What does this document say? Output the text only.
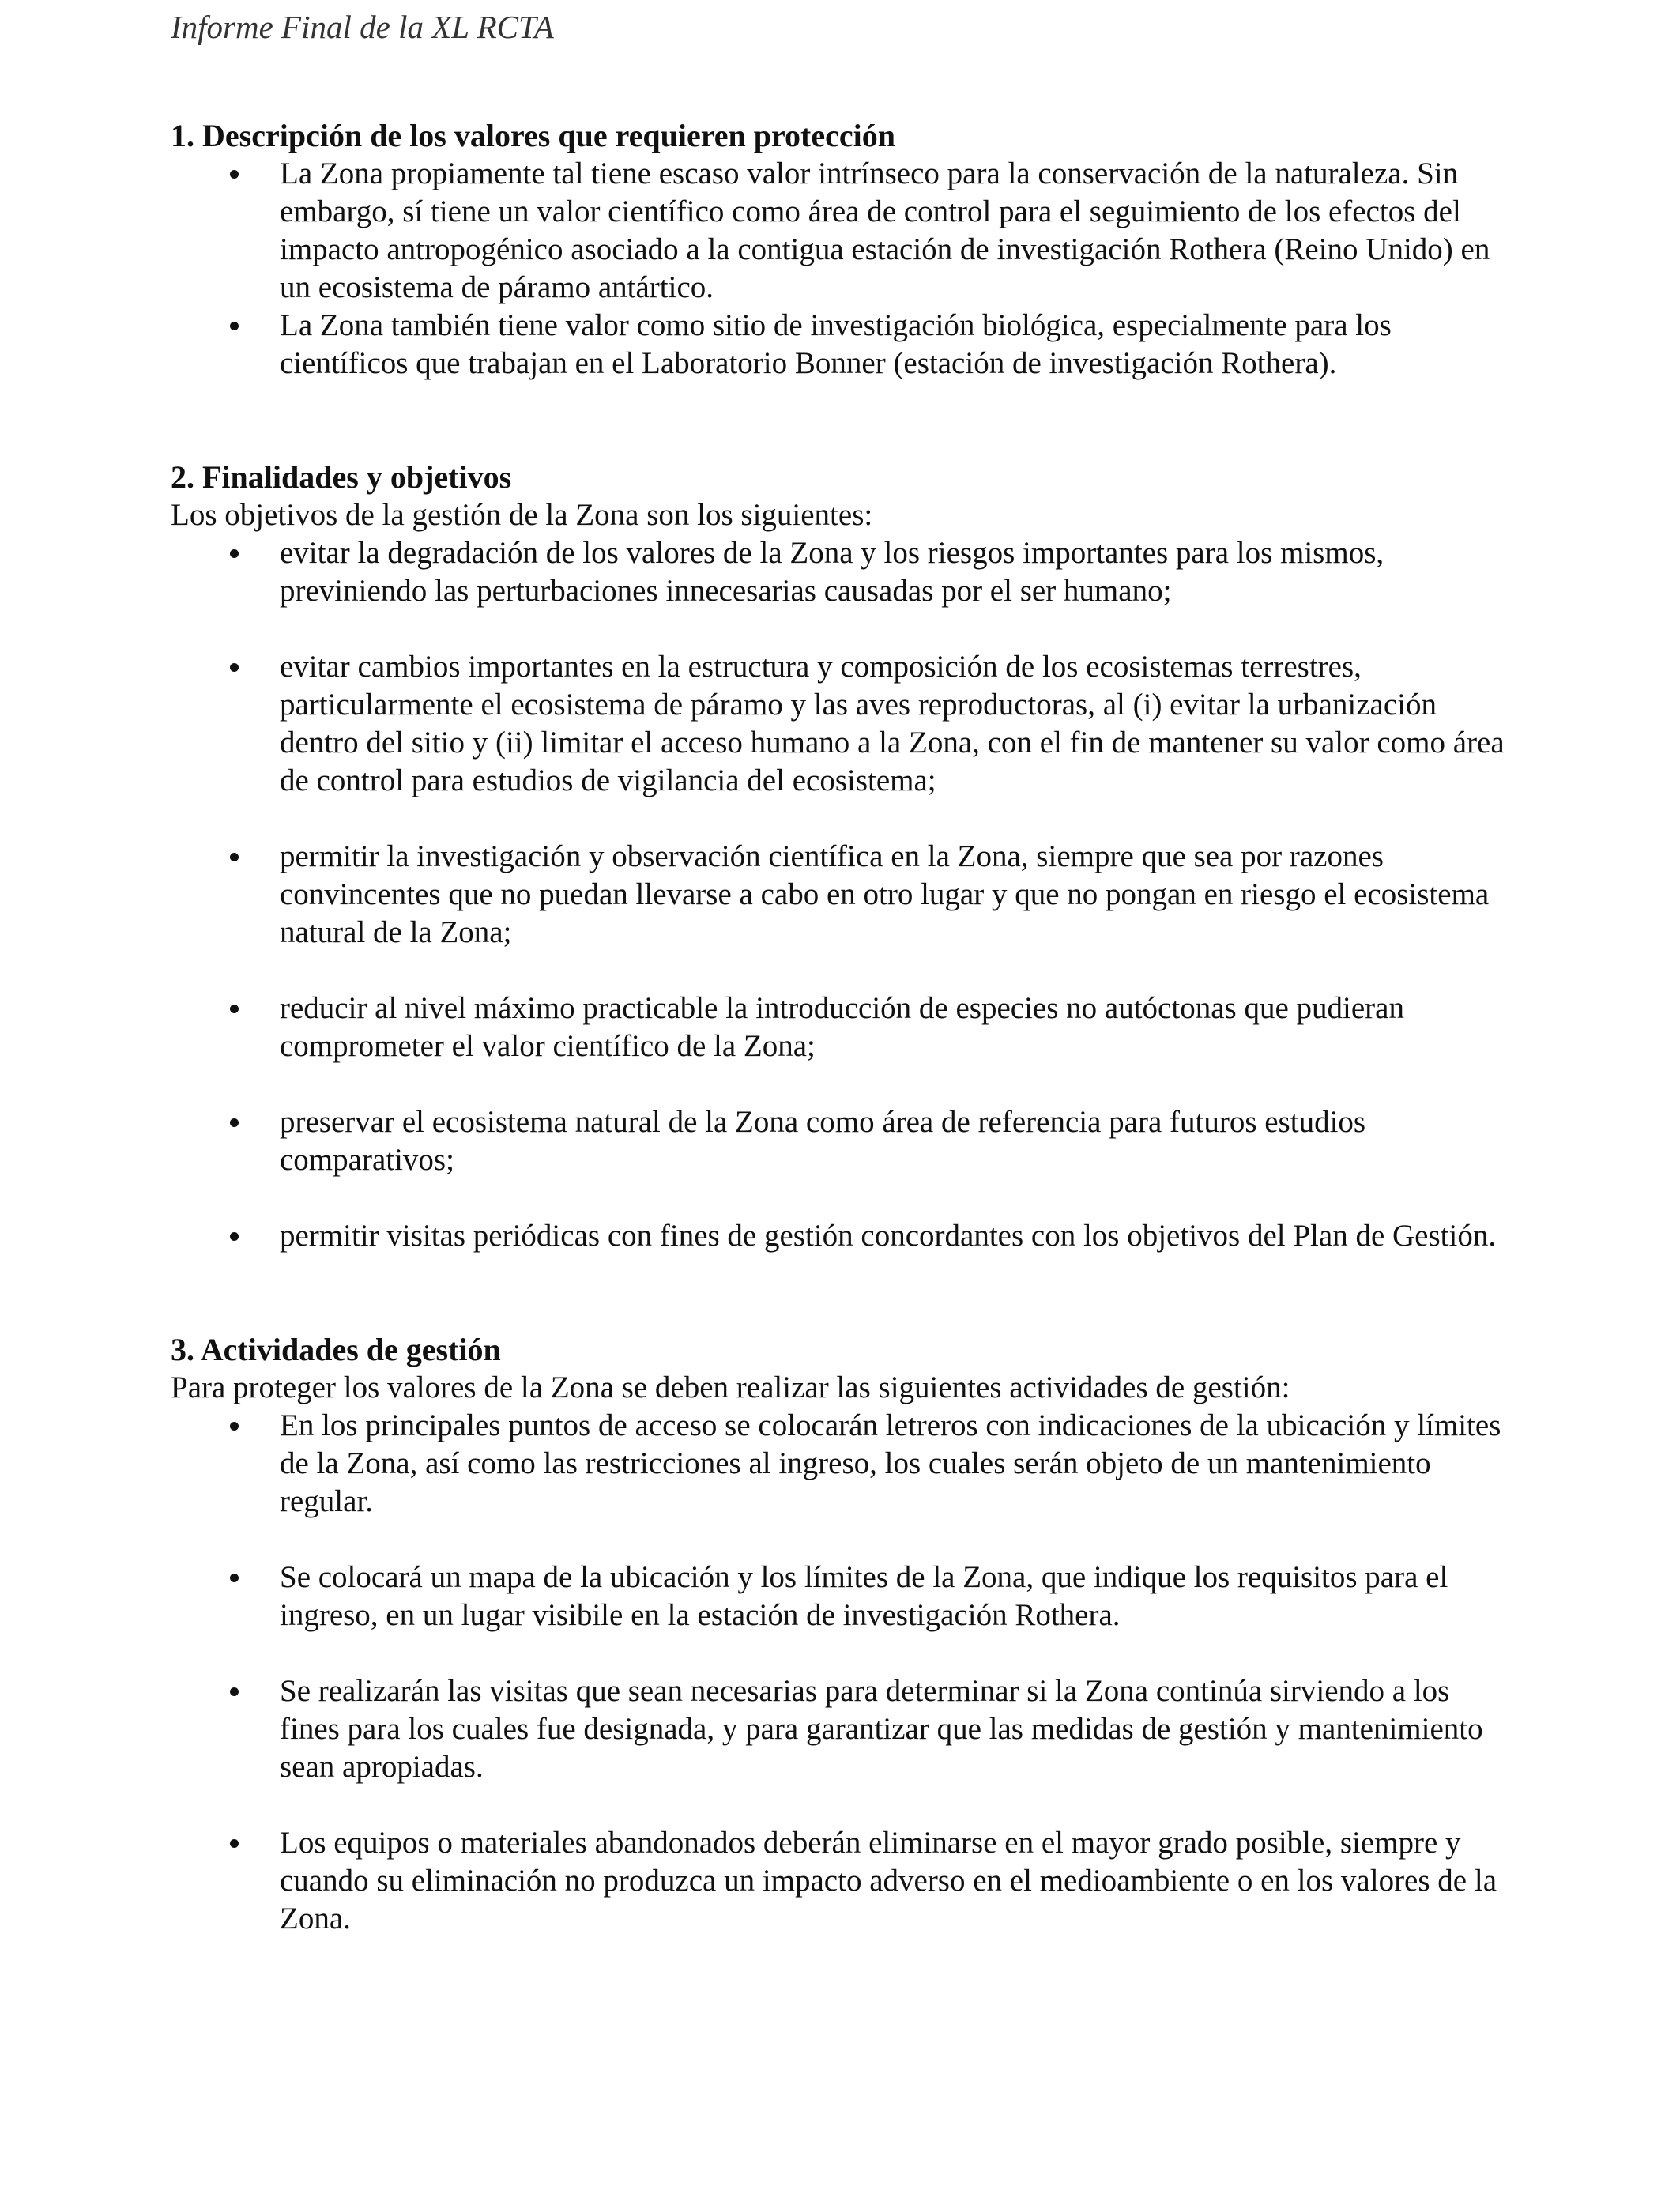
Informe Final de la XL RCTA
1. Descripción de los valores que requieren protección
La Zona propiamente tal tiene escaso valor intrínseco para la conservación de la naturaleza. Sin embargo, sí tiene un valor científico como área de control para el seguimiento de los efectos del impacto antropogénico asociado a la contigua estación de investigación Rothera (Reino Unido) en un ecosistema de páramo antártico.
La Zona también tiene valor como sitio de investigación biológica, especialmente para los científicos que trabajan en el Laboratorio Bonner (estación de investigación Rothera).
2. Finalidades y objetivos

Los objetivos de la gestión de la Zona son los siguientes:

evitar la degradación de los valores de la Zona y los riesgos importantes para los mismos, previniendo las perturbaciones innecesarias causadas por el ser humano;
evitar cambios importantes en la estructura y composición de los ecosistemas terrestres, particularmente el ecosistema de páramo y las aves reproductoras, al (i) evitar la urbanización dentro del sitio y (ii) limitar el acceso humano a la Zona, con el fin de mantener su valor como área de control para estudios de vigilancia del ecosistema;
permitir la investigación y observación científica en la Zona, siempre que sea por razones convincentes que no puedan llevarse a cabo en otro lugar y que no pongan en riesgo el ecosistema natural de la Zona;
reducir al nivel máximo practicable la introducción de especies no autóctonas que pudieran comprometer el valor científico de la Zona;
preservar el ecosistema natural de la Zona como área de referencia para futuros estudios comparativos;
permitir visitas periódicas con fines de gestión concordantes con los objetivos del Plan de Gestión.
3. Actividades de gestión

Para proteger los valores de la Zona se deben realizar las siguientes actividades de gestión:

En los principales puntos de acceso se colocarán letreros con indicaciones de la ubicación y límites de la Zona, así como las restricciones al ingreso, los cuales serán objeto de un mantenimiento regular.
Se colocará un mapa de la ubicación y los límites de la Zona, que indique los requisitos para el ingreso, en un lugar visibile en la estación de investigación Rothera.
Se realizarán las visitas que sean necesarias para determinar si la Zona continúa sirviendo a los fines para los cuales fue designada, y para garantizar que las medidas de gestión y mantenimiento sean apropiadas.
Los equipos o materiales abandonados deberán eliminarse en el mayor grado posible, siempre y cuando su eliminación no produzca un impacto adverso en el medioambiente o en los valores de la Zona.
